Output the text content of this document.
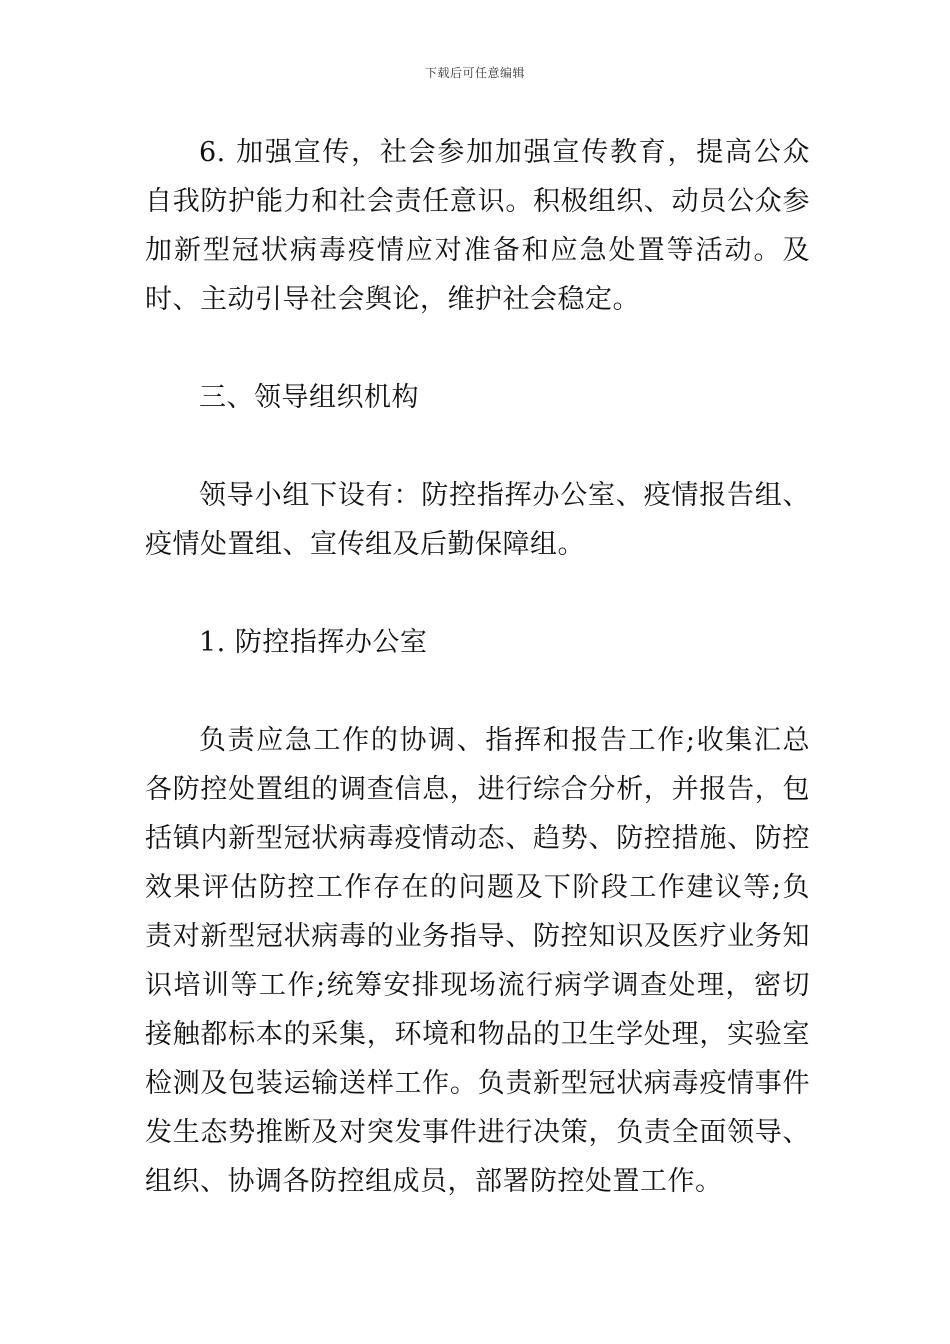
下载后可任意编辑

6. 加强宣传，社会参加加强宣传教育，提高公众自我防护能力和社会责任意识。积极组织、动员公众参加新型冠状病毒疫情应对准备和应急处置等活动。及时、主动引导社会舆论，维护社会稳定。

三、领导组织机构

领导小组下设有：防控指挥办公室、疫情报告组、疫情处置组、宣传组及后勤保障组。

1. 防控指挥办公室

负责应急工作的协调、指挥和报告工作;收集汇总各防控处置组的调查信息，进行综合分析，并报告，包括镇内新型冠状病毒疫情动态、趋势、防控措施、防控效果评估防控工作存在的问题及下阶段工作建议等;负责对新型冠状病毒的业务指导、防控知识及医疗业务知识培训等工作;统筹安排现场流行病学调查处理，密切接触都标本的采集，环境和物品的卫生学处理，实验室检测及包装运输送样工作。负责新型冠状病毒疫情事件发生态势推断及对突发事件进行决策，负责全面领导、组织、协调各防控组成员，部署防控处置工作。
